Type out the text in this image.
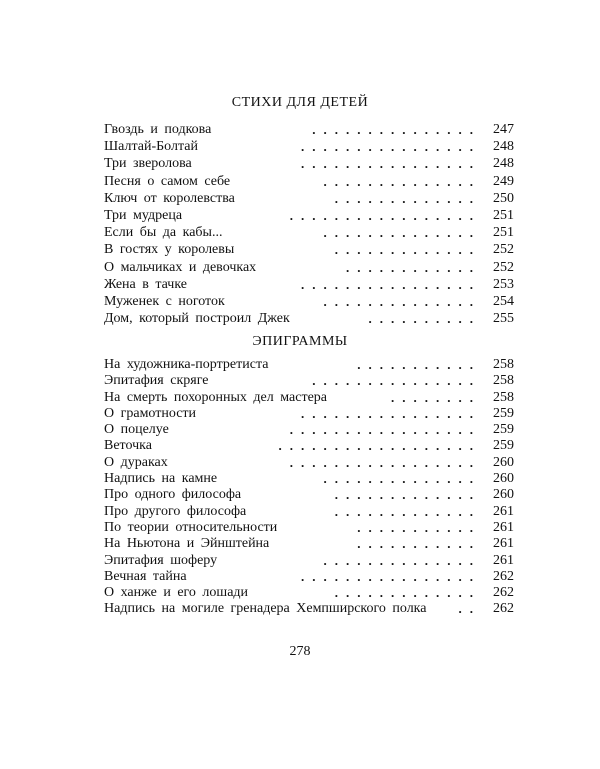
СТИХИ ДЛЯ ДЕТЕЙ
Гвоздь и подкова	247
...............
Шалтай-Болтай	248
................
Три зверолова	248
................
Песня о самом себе	249
..............
Ключ от королевства	250
.............
Три мудреца	251
.................
Если бы да кабы...	251
..............
В гостях у королевы	252
.............
О мальчиках и девочках	252
............
Жена в тачке	253
................
Муженек с ноготок	254
..............
Дом, который построил Джек	255
..........
ЭПИГРАММЫ
На художника-портретиста	258
...........
Эпитафия скряге	258
...............
На смерть похоронных дел мастера	258
........
О грамотности	259
................
О поцелуе	259
.................
Веточка	259
..................
О дураках	260
.................
Надпись на камне	260
..............
Про одного философа	260
.............
Про другого философа	261
.............
По теории относительности	261
...........
На Ньютона и Эйнштейна	261
...........
Эпитафия шоферу	261
..............
Вечная тайна	262
................
О ханже и его лошади	262
.............
Надпись на могиле гренадера Хемпширского полка	262
..
278
